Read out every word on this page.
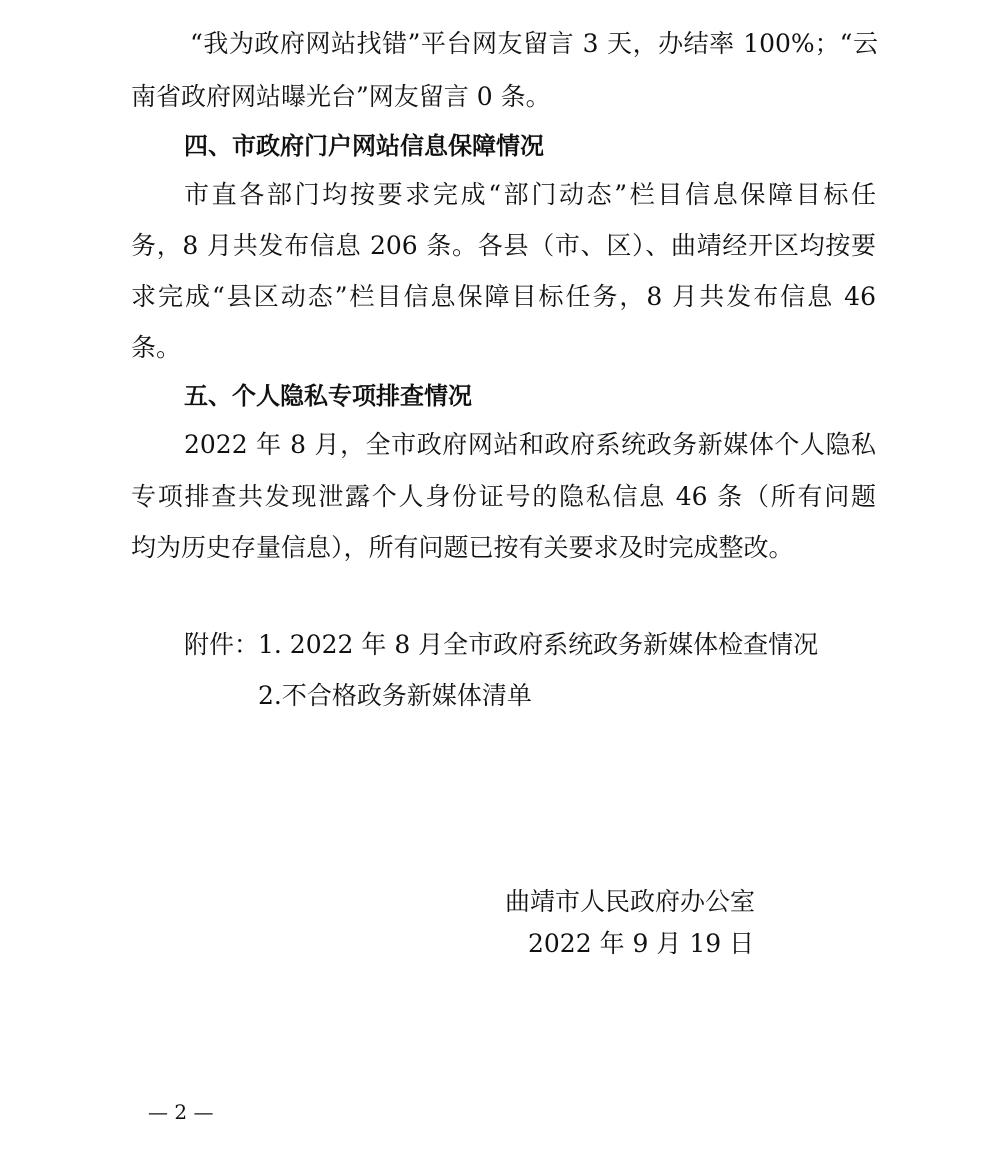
“我为政府网站找错”平台网友留言 3 天，办结率 100%；“云
南省政府网站曝光台”网友留言 0 条。
四、市政府门户网站信息保障情况
市直各部门均按要求完成“部门动态”栏目信息保障目标任
务，8 月共发布信息 206 条。各县（市、区）、曲靖经开区均按要
求完成“县区动态”栏目信息保障目标任务，8 月共发布信息 46
条。
五、个人隐私专项排查情况
2022 年 8 月，全市政府网站和政府系统政务新媒体个人隐私
专项排查共发现泄露个人身份证号的隐私信息 46 条（所有问题
均为历史存量信息），所有问题已按有关要求及时完成整改。
附件：
1. 2022 年 8 月全市政府系统政务新媒体检查情况
2.不合格政务新媒体清单
曲靖市人民政府办公室
2022 年 9 月 19 日
— 2 —
